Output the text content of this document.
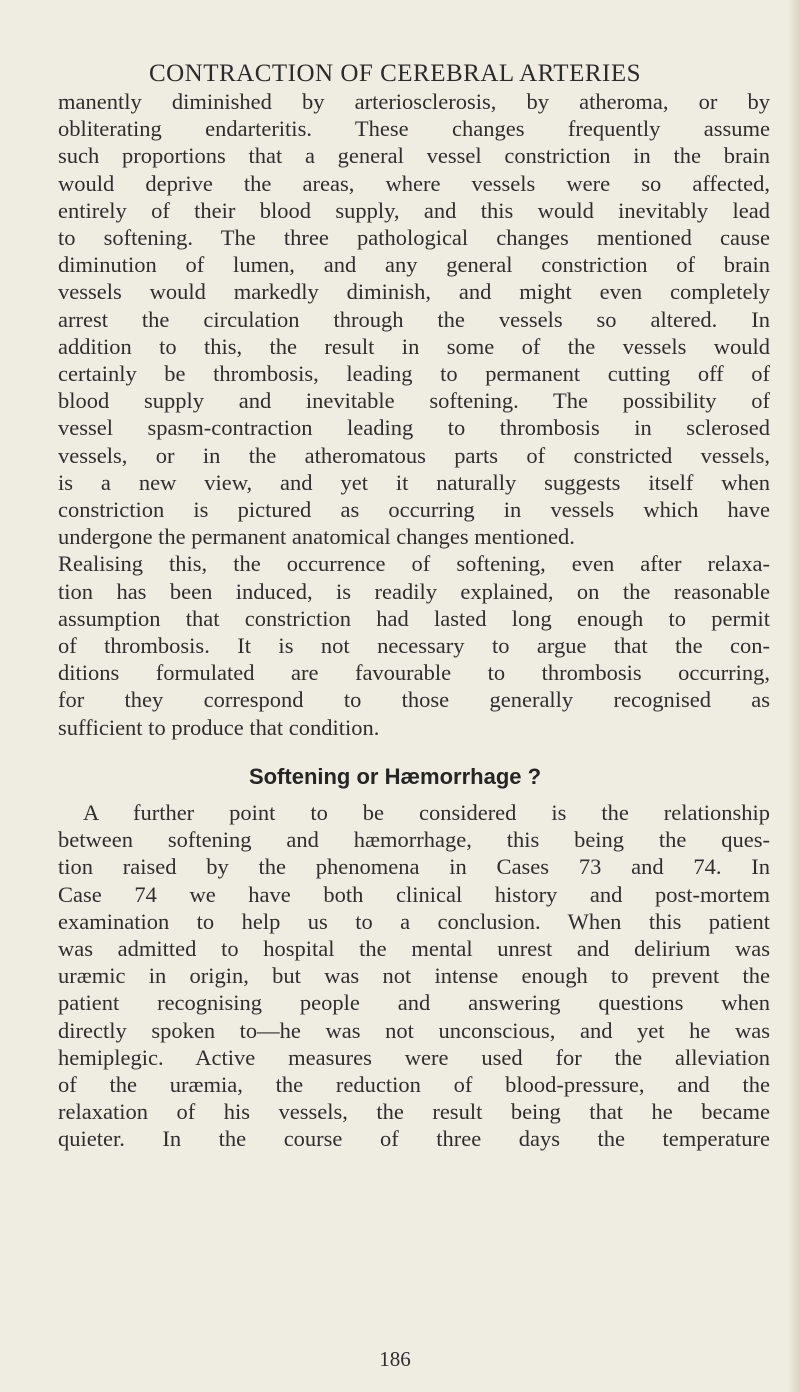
CONTRACTION OF CEREBRAL ARTERIES
manently diminished by arteriosclerosis, by atheroma, or by
obliterating endarteritis. These changes frequently assume
such proportions that a general vessel constriction in the brain
would deprive the areas, where vessels were so affected,
entirely of their blood supply, and this would inevitably lead
to softening. The three pathological changes mentioned cause
diminution of lumen, and any general constriction of brain
vessels would markedly diminish, and might even completely
arrest the circulation through the vessels so altered. In
addition to this, the result in some of the vessels would
certainly be thrombosis, leading to permanent cutting off of
blood supply and inevitable softening. The possibility of
vessel spasm-contraction leading to thrombosis in sclerosed
vessels, or in the atheromatous parts of constricted vessels,
is a new view, and yet it naturally suggests itself when
constriction is pictured as occurring in vessels which have
undergone the permanent anatomical changes mentioned.
Realising this, the occurrence of softening, even after relaxa-
tion has been induced, is readily explained, on the reasonable
assumption that constriction had lasted long enough to permit
of thrombosis. It is not necessary to argue that the con-
ditions formulated are favourable to thrombosis occurring,
for they correspond to those generally recognised as
sufficient to produce that condition.
Softening or Hæmorrhage ?
A further point to be considered is the relationship
between softening and hæmorrhage, this being the ques-
tion raised by the phenomena in Cases 73 and 74. In
Case 74 we have both clinical history and post-mortem
examination to help us to a conclusion. When this patient
was admitted to hospital the mental unrest and delirium was
uræmic in origin, but was not intense enough to prevent the
patient recognising people and answering questions when
directly spoken to—he was not unconscious, and yet he was
hemiplegic. Active measures were used for the alleviation
of the uræmia, the reduction of blood-pressure, and the
relaxation of his vessels, the result being that he became
quieter. In the course of three days the temperature
186
